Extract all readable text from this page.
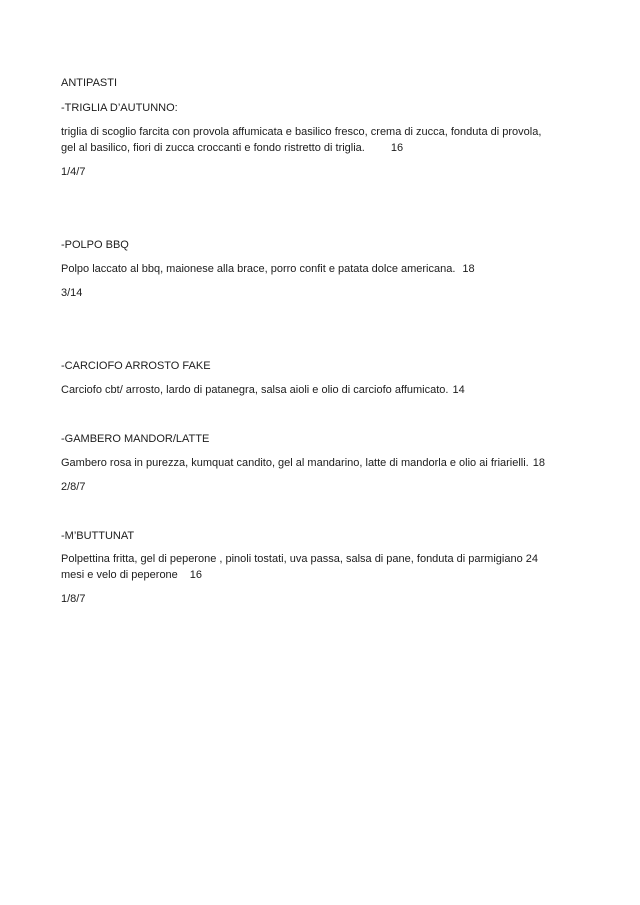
ANTIPASTI
-TRIGLIA D’AUTUNNO:
triglia di scoglio farcita con provola affumicata e basilico fresco, crema di zucca, fonduta di provola,
gel al basilico, fiori di zucca croccanti e fondo ristretto di triglia. 16
1/4/7
-POLPO BBQ
Polpo laccato al bbq, maionese alla brace, porro confit e patata dolce americana. 18
3/14
-CARCIOFO ARROSTO FAKE
Carciofo cbt/ arrosto, lardo di patanegra, salsa aioli e olio di carciofo affumicato. 14
-GAMBERO MANDOR/LATTE
Gambero rosa in purezza, kumquat candito, gel al mandarino, latte di mandorla e olio ai friarielli. 18
2/8/7
-M’BUTTUNAT
Polpettina fritta, gel di peperone , pinoli tostati, uva passa, salsa di pane, fonduta di parmigiano 24
mesi e velo di peperone 16
1/8/7
